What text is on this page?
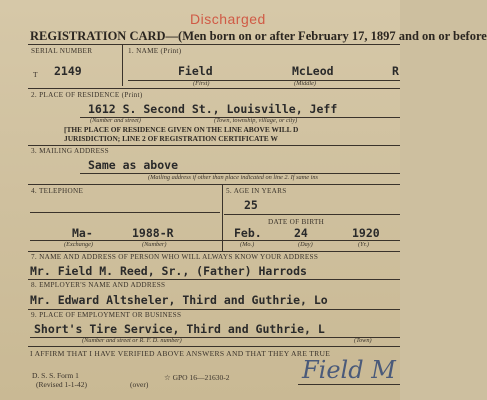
Discharged
REGISTRATION CARD—(Men born on or after February 17, 1897 and on or before
SERIAL NUMBER	1. NAME (Print)
T 2149	Field	McLeod	R
(First)	(Middle)
2. PLACE OF RESIDENCE (Print)
1612 S. Second St., Louisville, Jeff
(Number and street)	(Town, township, village, or city)
[THE PLACE OF RESIDENCE GIVEN ON THE LINE ABOVE WILL D
JURISDICTION; LINE 2 OF REGISTRATION CERTIFICATE W
3. MAILING ADDRESS
Same as above
(Mailing address if other than place indicated on line 2. If same ins
4. TELEPHONE	5. AGE IN YEARS
25
DATE OF BIRTH
Ma-	1988-R	Feb.	24	1920
(Exchange)	(Number)	(Mo.)	(Day)	(Yr.)
7. NAME AND ADDRESS OF PERSON WHO WILL ALWAYS KNOW YOUR ADDRESS
Mr. Field M. Reed, Sr., (Father) Harrods
8. EMPLOYER'S NAME AND ADDRESS
Mr. Edward Altsheler, Third and Guthrie, Lo
9. PLACE OF EMPLOYMENT OR BUSINESS
Short's Tire Service, Third and Guthrie, L
(Number and street or R. F. D. number)	(Town)
I AFFIRM THAT I HAVE VERIFIED ABOVE ANSWERS AND THAT THEY ARE TRUE
D. S. S. Form 1
(Revised 1-1-42)	(over)
☆ GPO 16—21630-2	Field M
